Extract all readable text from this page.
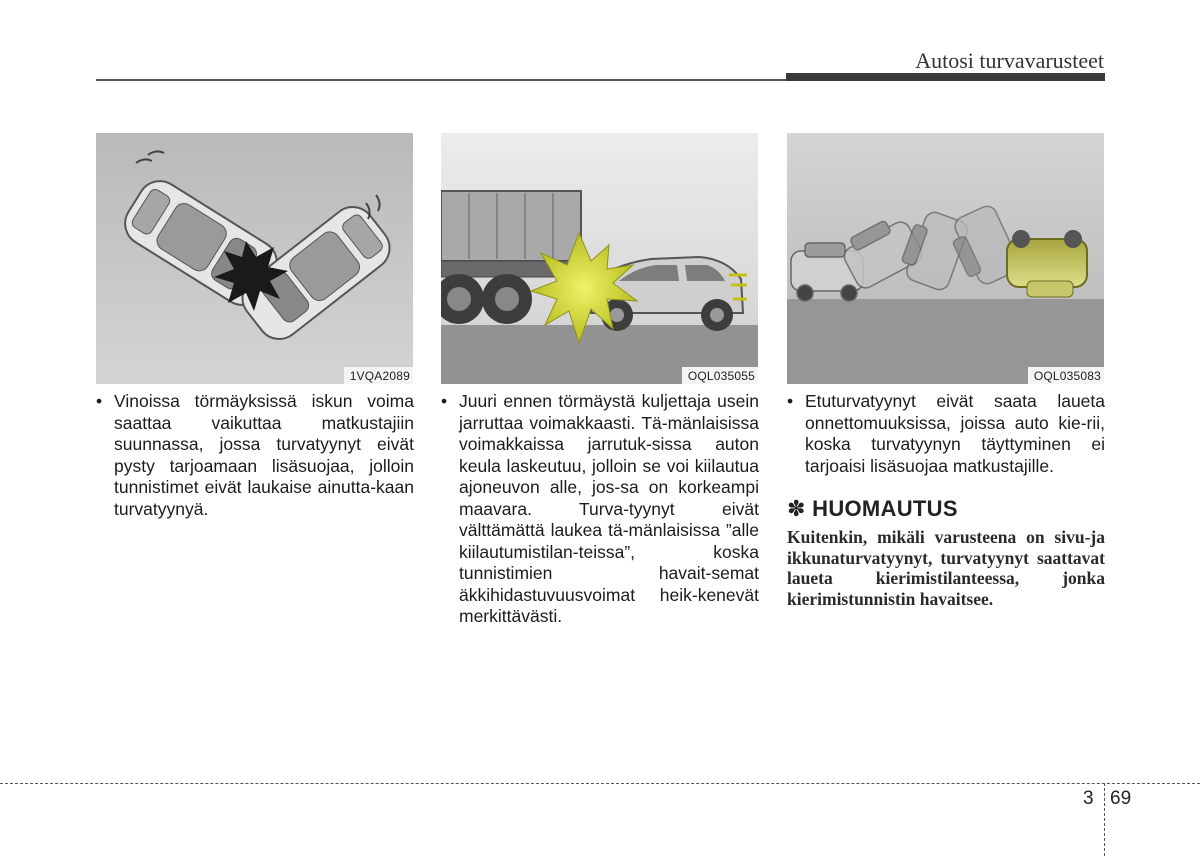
Autosi turvavarusteet
1VQA2089	OQL035055	OQL035083
• Vinoissa törmäyksissä iskun voima saattaa vaikuttaa matkustajiin suunnassa, jossa turvatyynyt eivät pysty tarjoamaan lisäsuojaa, jolloin tunnistimet eivät laukaise ainutta-kaan turvatyynyä.
• Juuri ennen törmäystä kuljettaja usein jarruttaa voimakkaasti. Tä-mänlaisissa voimakkaissa jarrutuk-sissa auton keula laskeutuu, jolloin se voi kiilautua ajoneuvon alle, jos-sa on korkeampi maavara. Turva-tyynyt eivät välttämättä laukea tä-mänlaisissa ”alle kiilautumistilan-teissa”, koska tunnistimien havait-semat äkkihidastuvuusvoimat heik-kenevät merkittävästi.
• Etuturvatyynyt eivät saata laueta onnettomuuksissa, joissa auto kie-rii, koska turvatyynyn täyttyminen ei tarjoaisi lisäsuojaa matkustajille.
✽ HUOMAUTUS
Kuitenkin, mikäli varusteena on sivu-ja ikkunaturvatyynyt, turvatyynyt saattavat laueta kierimistilanteessa, jonka kierimistunnistin havaitsee.
3 69
